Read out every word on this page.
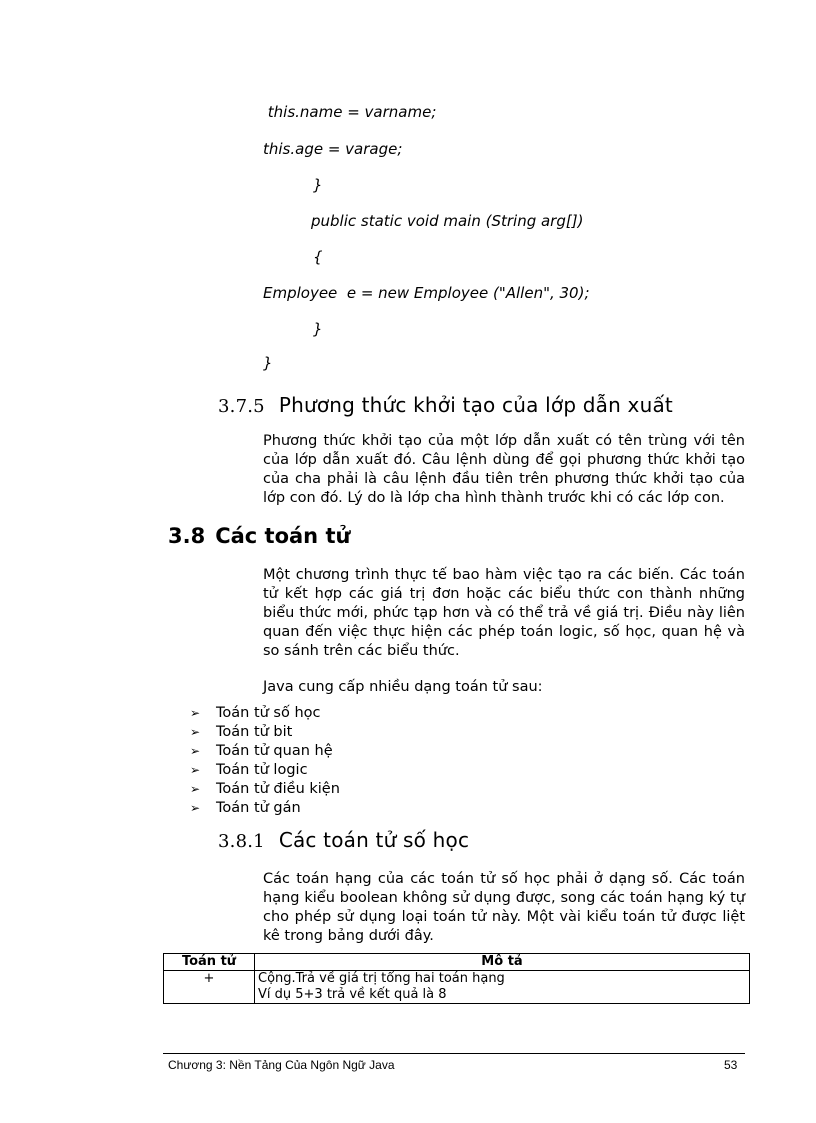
this.name = varname;
this.age = varage;
}
public static void main (String arg[])
{
Employee  e = new Employee ("Allen", 30);
}
}
3.7.5 Phương thức khởi tạo của lớp dẫn xuất
Phương thức khởi tạo của một lớp dẫn xuất có tên trùng với tên của lớp dẫn xuất đó. Câu lệnh dùng để gọi phương thức khởi tạo của cha phải là câu lệnh đầu tiên trên phương thức khởi tạo của lớp con đó. Lý do là lớp cha hình thành trước khi có các lớp con.
3.8 Các toán tử
Một chương trình thực tế bao hàm việc tạo ra các biến. Các toán tử kết hợp các giá trị đơn hoặc các biểu thức con thành những biểu thức mới, phức tạp hơn và có thể trả về giá trị. Điều này liên quan đến việc thực hiện các phép toán logic, số học, quan hệ và so sánh trên các biểu thức.
Java cung cấp nhiều dạng toán tử sau:
➢ Toán tử số học
➢ Toán tử bit
➢ Toán tử quan hệ
➢ Toán tử logic
➢ Toán tử điều kiện
➢ Toán tử gán
3.8.1 Các toán tử số học
Các toán hạng của các toán tử số học phải ở dạng số. Các toán hạng kiểu boolean không sử dụng được, song các toán hạng ký tự cho phép sử dụng loại toán tử này. Một vài kiểu toán tử được liệt kê trong bảng dưới đây.
Toán tử	Mô tả
+	Cộng.Trả về giá trị tổng hai toán hạng
Ví dụ 5+3 trả về kết quả là 8
Chương 3: Nền Tảng Của Ngôn Ngữ Java	53
